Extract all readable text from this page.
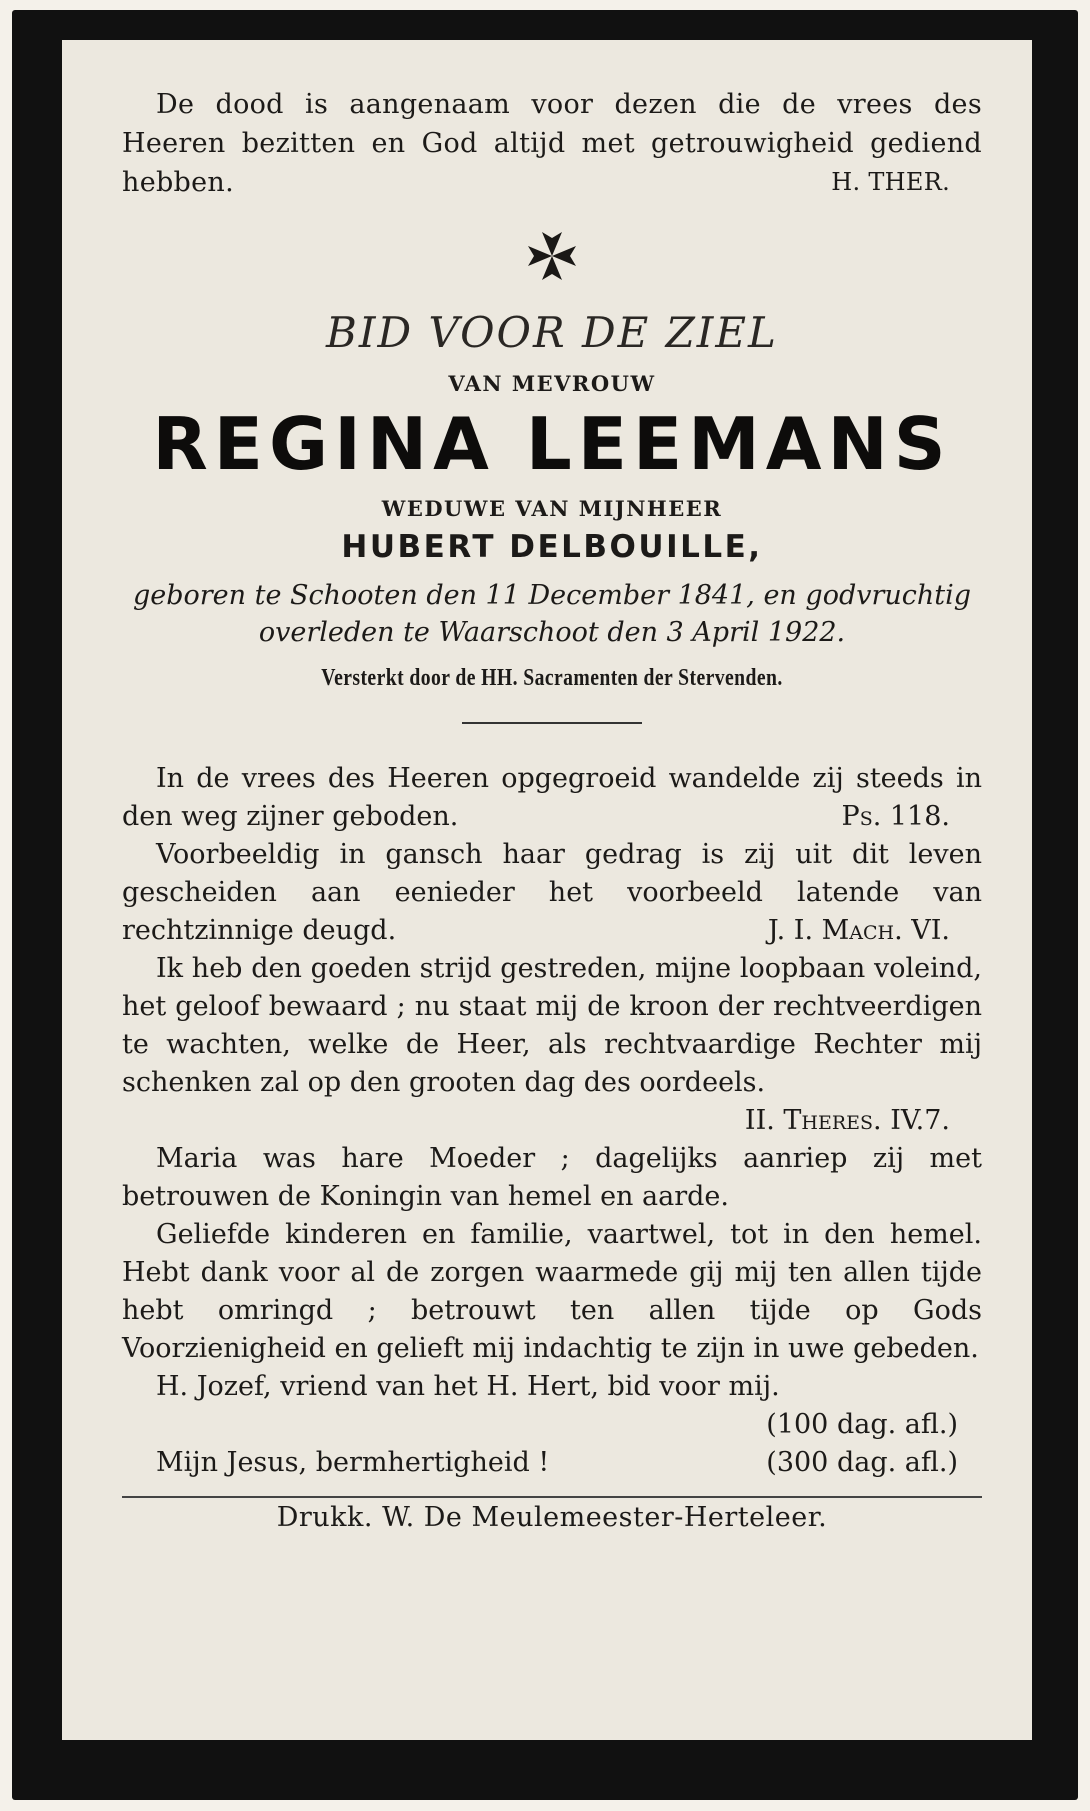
De dood is aangenaam voor dezen die de vrees des Heeren bezitten en God altijd met getrouwigheid gediend hebben.	H. THER.
BID VOOR DE ZIEL
VAN MEVROUW
REGINA LEEMANS
WEDUWE VAN MIJNHEER
HUBERT DELBOUILLE,
geboren te Schooten den 11 December 1841, en godvruchtig overleden te Waarschoot den 3 April 1922.
Versterkt door de HH. Sacramenten der Stervenden.

In de vrees des Heeren opgegroeid wandelde zij steeds in den weg zijner geboden.	Ps. 118.

Voorbeeldig in gansch haar gedrag is zij uit dit leven gescheiden aan eenieder het voorbeeld latende van rechtzinnige deugd.	J. I. Mach. VI.

Ik heb den goeden strijd gestreden, mijne loopbaan voleind, het geloof bewaard ; nu staat mij de kroon der rechtveerdigen te wachten, welke de Heer, als rechtvaardige Rechter mij schenken zal op den grooten dag des oordeels.

II. Theres. IV.7.

Maria was hare Moeder ; dagelijks aanriep zij met betrouwen de Koningin van hemel en aarde.

Geliefde kinderen en familie, vaartwel, tot in den hemel. Hebt dank voor al de zorgen waarmede gij mij ten allen tijde hebt omringd ; betrouwt ten allen tijde op Gods Voorzienigheid en gelieft mij indachtig te zijn in uwe gebeden.

H. Jozef, vriend van het H. Hert, bid voor mij.

(100 dag. afl.)
Mijn Jesus, bermhertigheid !	(300 dag. afl.)
Drukk. W. De Meulemeester-Herteleer.
